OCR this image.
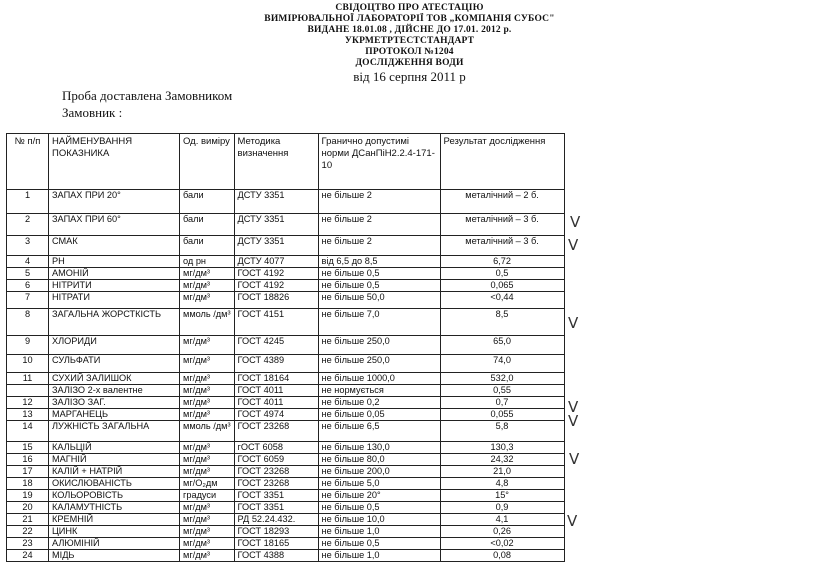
СВІДОЦТВО ПРО АТЕСТАЦІЮ
ВИМІРЮВАЛЬНОЇ ЛАБОРАТОРІЇ ТОВ „КОМПАНІЯ СУБОС"
ВИДАНЕ 18.01.08 , ДІЙСНЕ ДО 17.01. 2012 р.
УКРМЕТРТЕСТСТАНДАРТ
ПРОТОКОЛ №1204
ДОСЛІДЖЕННЯ ВОДИ
від 16 серпня 2011 р
Проба доставлена Замовником
Замовник :
№ п/п	НАЙМЕНУВАННЯ ПОКАЗНИКА	Од. виміру	Методика визначення	Гранично допустимі норми ДСанПіН2.2.4-171-10	Результат дослідження
1	ЗАПАХ ПРИ 20°	бали	ДСТУ 3351	не більше 2	металічний – 2 б.
2	ЗАПАХ ПРИ 60°	бали	ДСТУ 3351	не більше 2	металічний – 3 б.
3	СМАК	бали	ДСТУ 3351	не більше 2	металічний – 3 б.
4	PH	од рн	ДСТУ 4077	від 6,5 до 8,5	6,72
5	АМОНІЙ	мг/дм³	ГОСТ 4192	не більше 0,5	0,5
6	НІТРИТИ	мг/дм³	ГОСТ 4192	не більше 0,5	0,065
7	НІТРАТИ	мг/дм³	ГОСТ 18826	не більше 50,0	<0,44
8	ЗАГАЛЬНА ЖОРСТКІСТЬ	ммоль /дм³	ГОСТ 4151	не більше 7,0	8,5
9	ХЛОРИДИ	мг/дм³	ГОСТ 4245	не більше 250,0	65,0
10	СУЛЬФАТИ	мг/дм³	ГОСТ 4389	не більше 250,0	74,0
11	СУХИЙ ЗАЛИШОК	мг/дм³	ГОСТ 18164	не більше 1000,0	532,0
	ЗАЛІЗО 2-х валентне	мг/дм³	ГОСТ 4011	не нормується	0,55
12	ЗАЛІЗО ЗАГ.	мг/дм³	ГОСТ 4011	не більше 0,2	0,7
13	МАРГАНЕЦЬ	мг/дм³	ГОСТ 4974	не більше 0,05	0,055
14	ЛУЖНІСТЬ ЗАГАЛЬНА	ммоль /дм³	ГОСТ 23268	не більше 6,5	5,8
15	КАЛЬЦІЙ	мг/дм³	гОСТ 6058	не більше 130,0	130,3
16	МАГНІЙ	мг/дм³	ГОСТ 6059	не більше 80,0	24,32
17	КАЛІЙ + НАТРІЙ	мг/дм³	ГОСТ 23268	не більше 200,0	21,0
18	ОКИСЛЮВАНІСТЬ	мг/О₂дм	ГОСТ 23268	не більше 5,0	4,8
19	КОЛЬОРОВІСТЬ	градуси	ГОСТ 3351	не більше 20°	15°
20	КАЛАМУТНІСТЬ	мг/дм³	ГОСТ 3351	не більше 0,5	0,9
21	КРЕМНІЙ	мг/дм³	РД 52.24.432.	не більше 10,0	4,1
22	ЦИНК	мг/дм³	ГОСТ 18293	не більше 1,0	0,26
23	АЛЮМІНІЙ	мг/дм³	ГОСТ 18165	не більше 0,5	<0,02
24	МІДЬ	мг/дм³	ГОСТ 4388	не більше 1,0	0,08
V
V
V
V
V
V
V
